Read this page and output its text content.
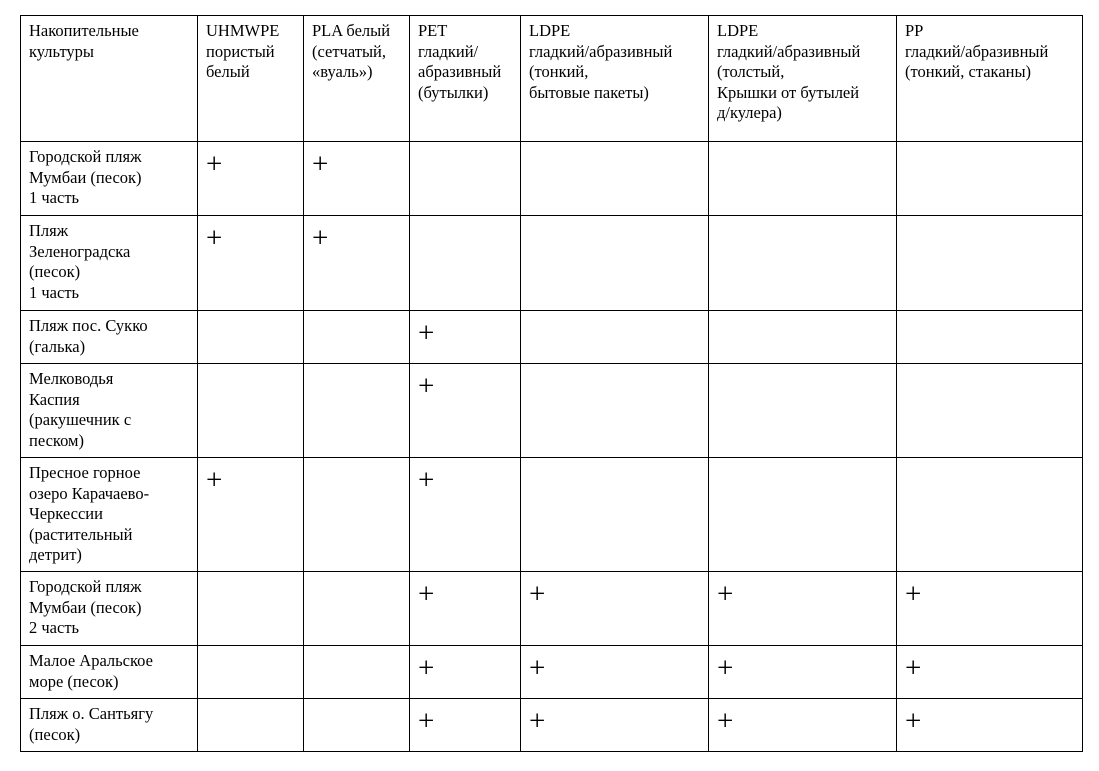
Накопительные
культуры	UHMWPE
пористый
белый	PLA белый
(сетчатый,
«вуаль»)	PET
гладкий/
абразивный
(бутылки)	LDPE
гладкий/абразивный
(тонкий,
бытовые пакеты)	LDPE
гладкий/абразивный
(толстый,
Крышки от бутылей
д/кулера)	PP
гладкий/абразивный
(тонкий, стаканы)
Городской пляж
Мумбаи (песок)
1 часть	+	+				
Пляж
Зеленоградска
(песок)
1 часть	+	+				
Пляж пос. Сукко
(галька)			+			
Мелководья
Каспия
(ракушечник с
песком)			+			
Пресное горное
озеро Карачаево-
Черкессии
(растительный
детрит)	+		+			
Городской пляж
Мумбаи (песок)
2 часть			+	+	+	+
Малое Аральское
море (песок)			+	+	+	+
Пляж о. Сантьягу
(песок)			+	+	+	+
